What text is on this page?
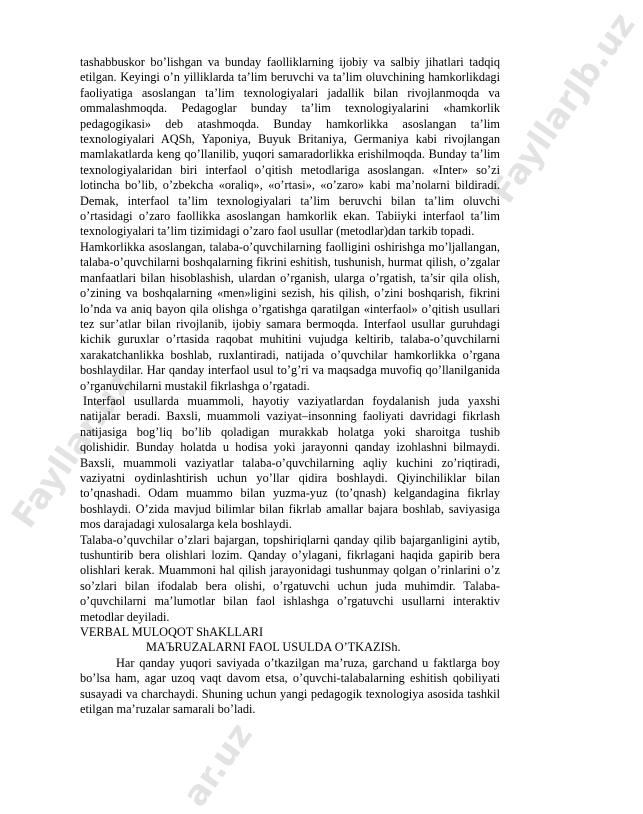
FayllarJb.uz
Fayllar.uz
ar.uz

tashabbuskor bo’lishgan va bunday faolliklarning ijobiy va salbiy jihatlari tadqiq etilgan. Keyingi o’n yilliklarda ta’lim beruvchi va ta’lim oluvchining hamkorlikdagi faoliyatiga asoslangan ta’lim texnologiyalari jadallik bilan rivojlanmoqda va ommalashmoqda. Pedagoglar bunday ta’lim texnologiyalarini «hamkorlik pedagogikasi» deb atashmoqda. Bunday hamkorlikka asoslangan ta’lim texnologiyalari AQSh, Yaponiya, Buyuk Britaniya, Germaniya kabi rivojlangan mamlakatlarda keng qo’llanilib, yuqori samaradorlikka erishilmoqda. Bunday ta’lim texnologiyalaridan biri interfaol o’qitish metodlariga asoslangan. «Inter» so’zi lotincha bo’lib, o’zbekcha «oraliq», «o’rtasi», «o’zaro» kabi ma’nolarni bildiradi. Demak, interfaol ta’lim texnologiyalari ta’lim beruvchi bilan ta’lim oluvchi o’rtasidagi o’zaro faollikka asoslangan hamkorlik ekan. Tabiiyki interfaol ta’lim texnologiyalari ta’lim tizimidagi o’zaro faol usullar (metodlar)dan tarkib topadi.

Hamkorlikka asoslangan, talaba-o’quvchilarning faolligini oshirishga mo’ljallangan, talaba-o’quvchilarni boshqalarning fikrini eshitish, tushunish, hurmat qilish, o’zgalar manfaatlari bilan hisoblashish, ulardan o’rganish, ularga o’rgatish, ta’sir qila olish, o’zining va boshqalarning «men»ligini sezish, his qilish, o’zini boshqarish, fikrini lo’nda va aniq bayon qila olishga o’rgatishga qaratilgan «interfaol» o’qitish usullari tez sur’atlar bilan rivojlanib, ijobiy samara bermoqda. Interfaol usullar guruhdagi kichik guruxlar o’rtasida raqobat muhitini vujudga keltirib, talaba-o’quvchilarni xarakatchanlikka boshlab, ruxlantiradi, natijada o’quvchilar hamkorlikka o’rgana boshlaydilar. Har qanday interfaol usul to’g’ri va maqsadga muvofiq qo’llanilganida o’rganuvchilarni mustakil fikrlashga o’rgatadi.

Interfaol usullarda muammoli, hayotiy vaziyatlardan foydalanish juda yaxshi natijalar beradi. Baxsli, muammoli vaziyat–insonning faoliyati davridagi fikrlash natijasiga bog’liq bo’lib qoladigan murakkab holatga yoki sharoitga tushib qolishidir. Bunday holatda u hodisa yoki jarayonni qanday izohlashni bilmaydi. Baxsli, muammoli vaziyatlar talaba-o’quvchilarning aqliy kuchini zo’riqtiradi, vaziyatni oydinlashtirish uchun yo’llar qidira boshlaydi. Qiyinchiliklar bilan to’qnashadi. Odam muammo bilan yuzma-yuz (to’qnash) kelgandagina fikrlay boshlaydi. O’zida mavjud bilimlar bilan fikrlab amallar bajara boshlab, saviyasiga mos darajadagi xulosalarga kela boshlaydi.

Talaba-o’quvchilar o’zlari bajargan, topshiriqlarni qanday qilib bajarganligini aytib, tushuntirib bera olishlari lozim. Qanday o’ylagani, fikrlagani haqida gapirib bera olishlari kerak. Muammoni hal qilish jarayonidagi tushunmay qolgan o’rinlarini o’z so’zlari bilan ifodalab bera olishi, o’rgatuvchi uchun juda muhimdir. Talaba-o’quvchilarni ma’lumotlar bilan faol ishlashga o’rgatuvchi usullarni interaktiv metodlar deyiladi.

VERBAL MULOQOT ShAKLLARI

MAЪRUZALARNI FAOL USULDA O’TKAZISh.

Har qanday yuqori saviyada o’tkazilgan ma’ruza, garchand u faktlarga boy bo’lsa ham, agar uzoq vaqt davom etsa, o’quvchi-talabalarning eshitish qobiliyati susayadi va charchaydi. Shuning uchun yangi pedagogik texnologiya asosida tashkil etilgan ma’ruzalar samarali bo’ladi.
